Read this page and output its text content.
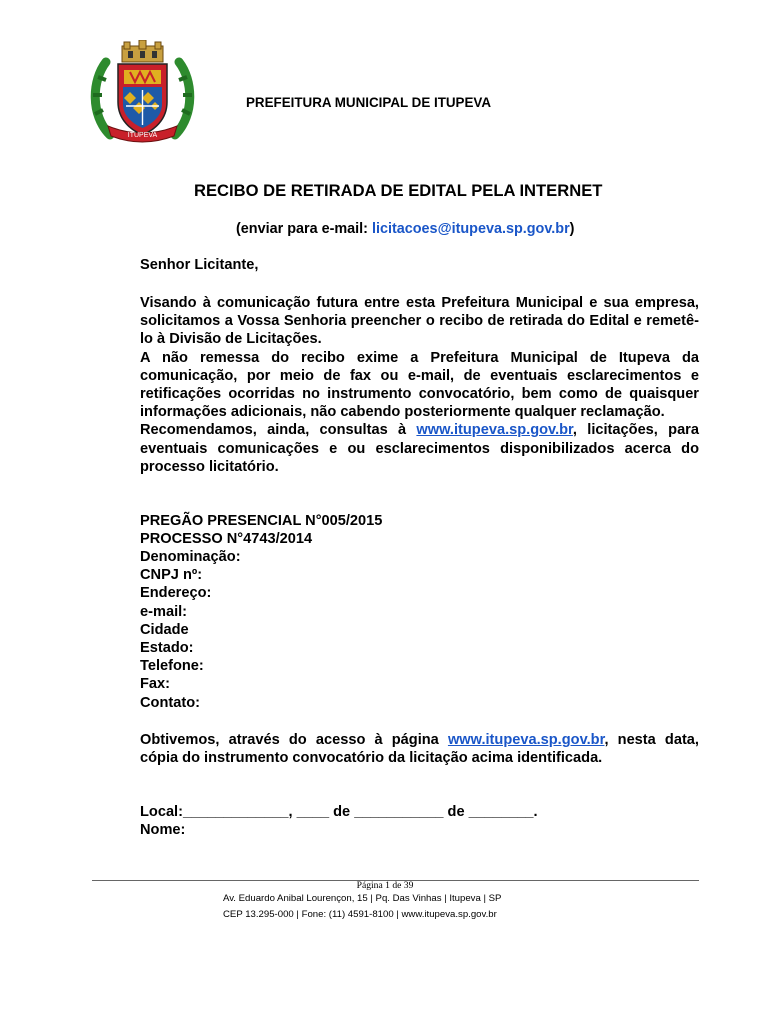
ITUPEVA
PREFEITURA MUNICIPAL DE ITUPEVA
RECIBO DE RETIRADA DE EDITAL PELA INTERNET
(enviar para e-mail: licitacoes@itupeva.sp.gov.br)
Senhor Licitante,
Visando à comunicação futura entre esta Prefeitura Municipal e sua empresa, solicitamos a Vossa Senhoria preencher o recibo de retirada do Edital e remetê-lo à Divisão de Licitações.
A não remessa do recibo exime a Prefeitura Municipal de Itupeva da comunicação, por meio de fax ou e-mail, de eventuais esclarecimentos e retificações ocorridas no instrumento convocatório, bem como de quaisquer informações adicionais, não cabendo posteriormente qualquer reclamação.
Recomendamos, ainda, consultas à www.itupeva.sp.gov.br, licitações, para eventuais comunicações e ou esclarecimentos disponibilizados acerca do processo licitatório.
PREGÃO PRESENCIAL N°005/2015
PROCESSO N°4743/2014
Denominação:
CNPJ nº:
Endereço:
e-mail:
Cidade
Estado:
Telefone:
Fax:
Contato:
Obtivemos, através do acesso à página www.itupeva.sp.gov.br, nesta data, cópia do instrumento convocatório da licitação acima identificada.
Local:_____________, ____ de ___________ de ________.
Nome:
Página 1 de 39
Av. Eduardo Anibal Lourençon, 15 | Pq. Das Vinhas | Itupeva | SP
CEP 13.295-000 | Fone: (11) 4591-8100 | www.itupeva.sp.gov.br
